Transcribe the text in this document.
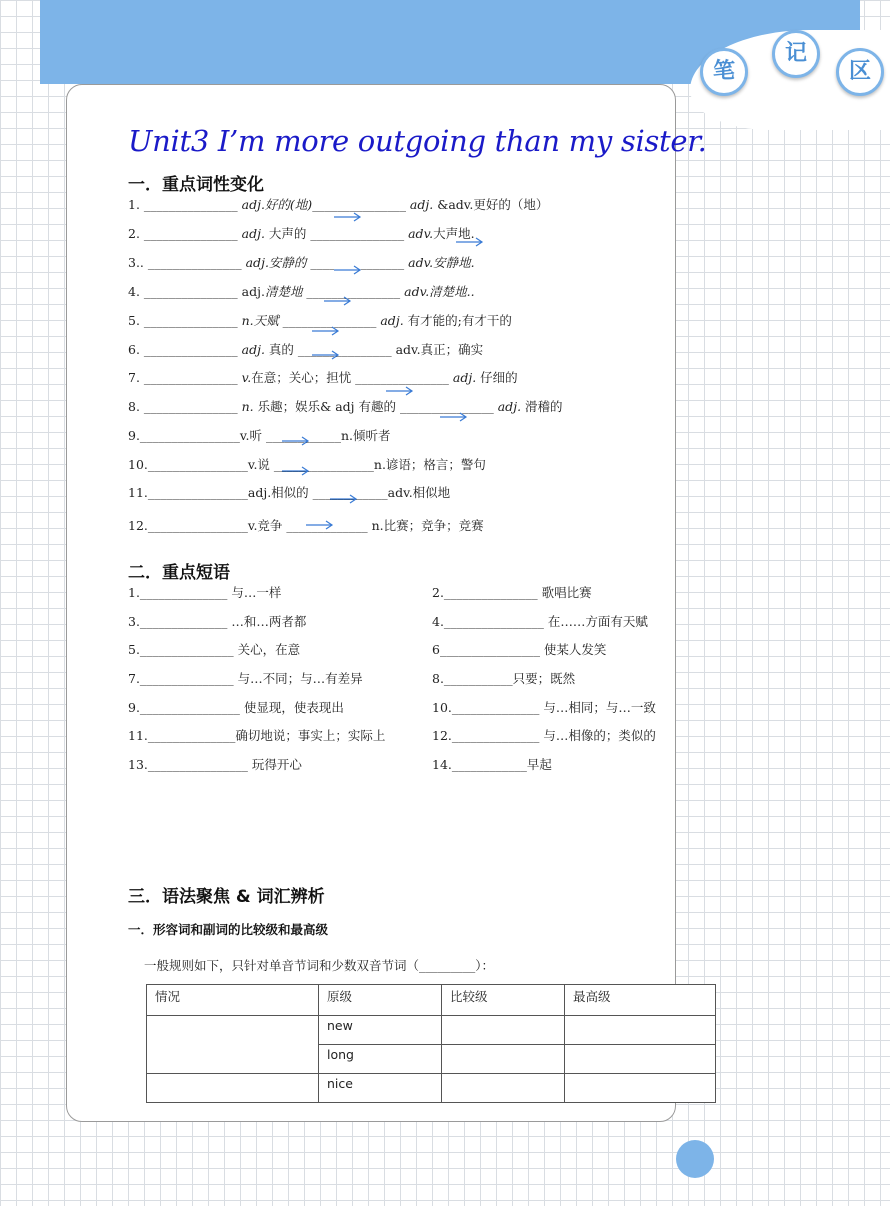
笔
记
区
Unit3 I’m more outgoing than my sister.
一．重点词性变化
1. _______________ adj.好的(地)_______________ adj. &adv.更好的（地）
2. _______________ adj. 大声的 _______________ adv.大声地.
3.. _______________ adj.安静的 _______________ adv.安静地.
4. _______________ adj.清楚地 _______________ adv.清楚地..
5. _______________ n.天赋 _______________ adj. 有才能的;有才干的
6. _______________ adj. 真的 _______________ adv.真正；确实
7. _______________ v.在意；关心；担忧 _______________ adj. 仔细的
8. _______________ n. 乐趣；娱乐& adj 有趣的 _______________ adj. 滑稽的
9.________________v.听 ____________n.倾听者
10.________________v.说 ________________n.谚语；格言；警句
11.________________adj.相似的 ____________adv.相似地
12.________________v.竞争 _____________ n.比赛；竞争；竞赛
二．重点短语
1.______________ 与…一样
3.______________ …和…两者都
5._______________ 关心，在意
7._______________ 与…不同；与…有差异
9.________________ 使显现，使表现出
11.______________确切地说；事实上；实际上
13.________________ 玩得开心
2._______________ 歌唱比赛
4.________________ 在……方面有天赋
6________________ 使某人发笑
8.___________只要；既然
10.______________ 与…相同；与…一致
12.______________ 与…相像的；类似的
14.____________早起
三．语法聚焦 & 词汇辨析
一．形容词和副词的比较级和最高级
一般规则如下，只针对单音节词和少数双音节词（_________）：
情况	原级	比较级	最高级
	new		
	long		
	nice		
